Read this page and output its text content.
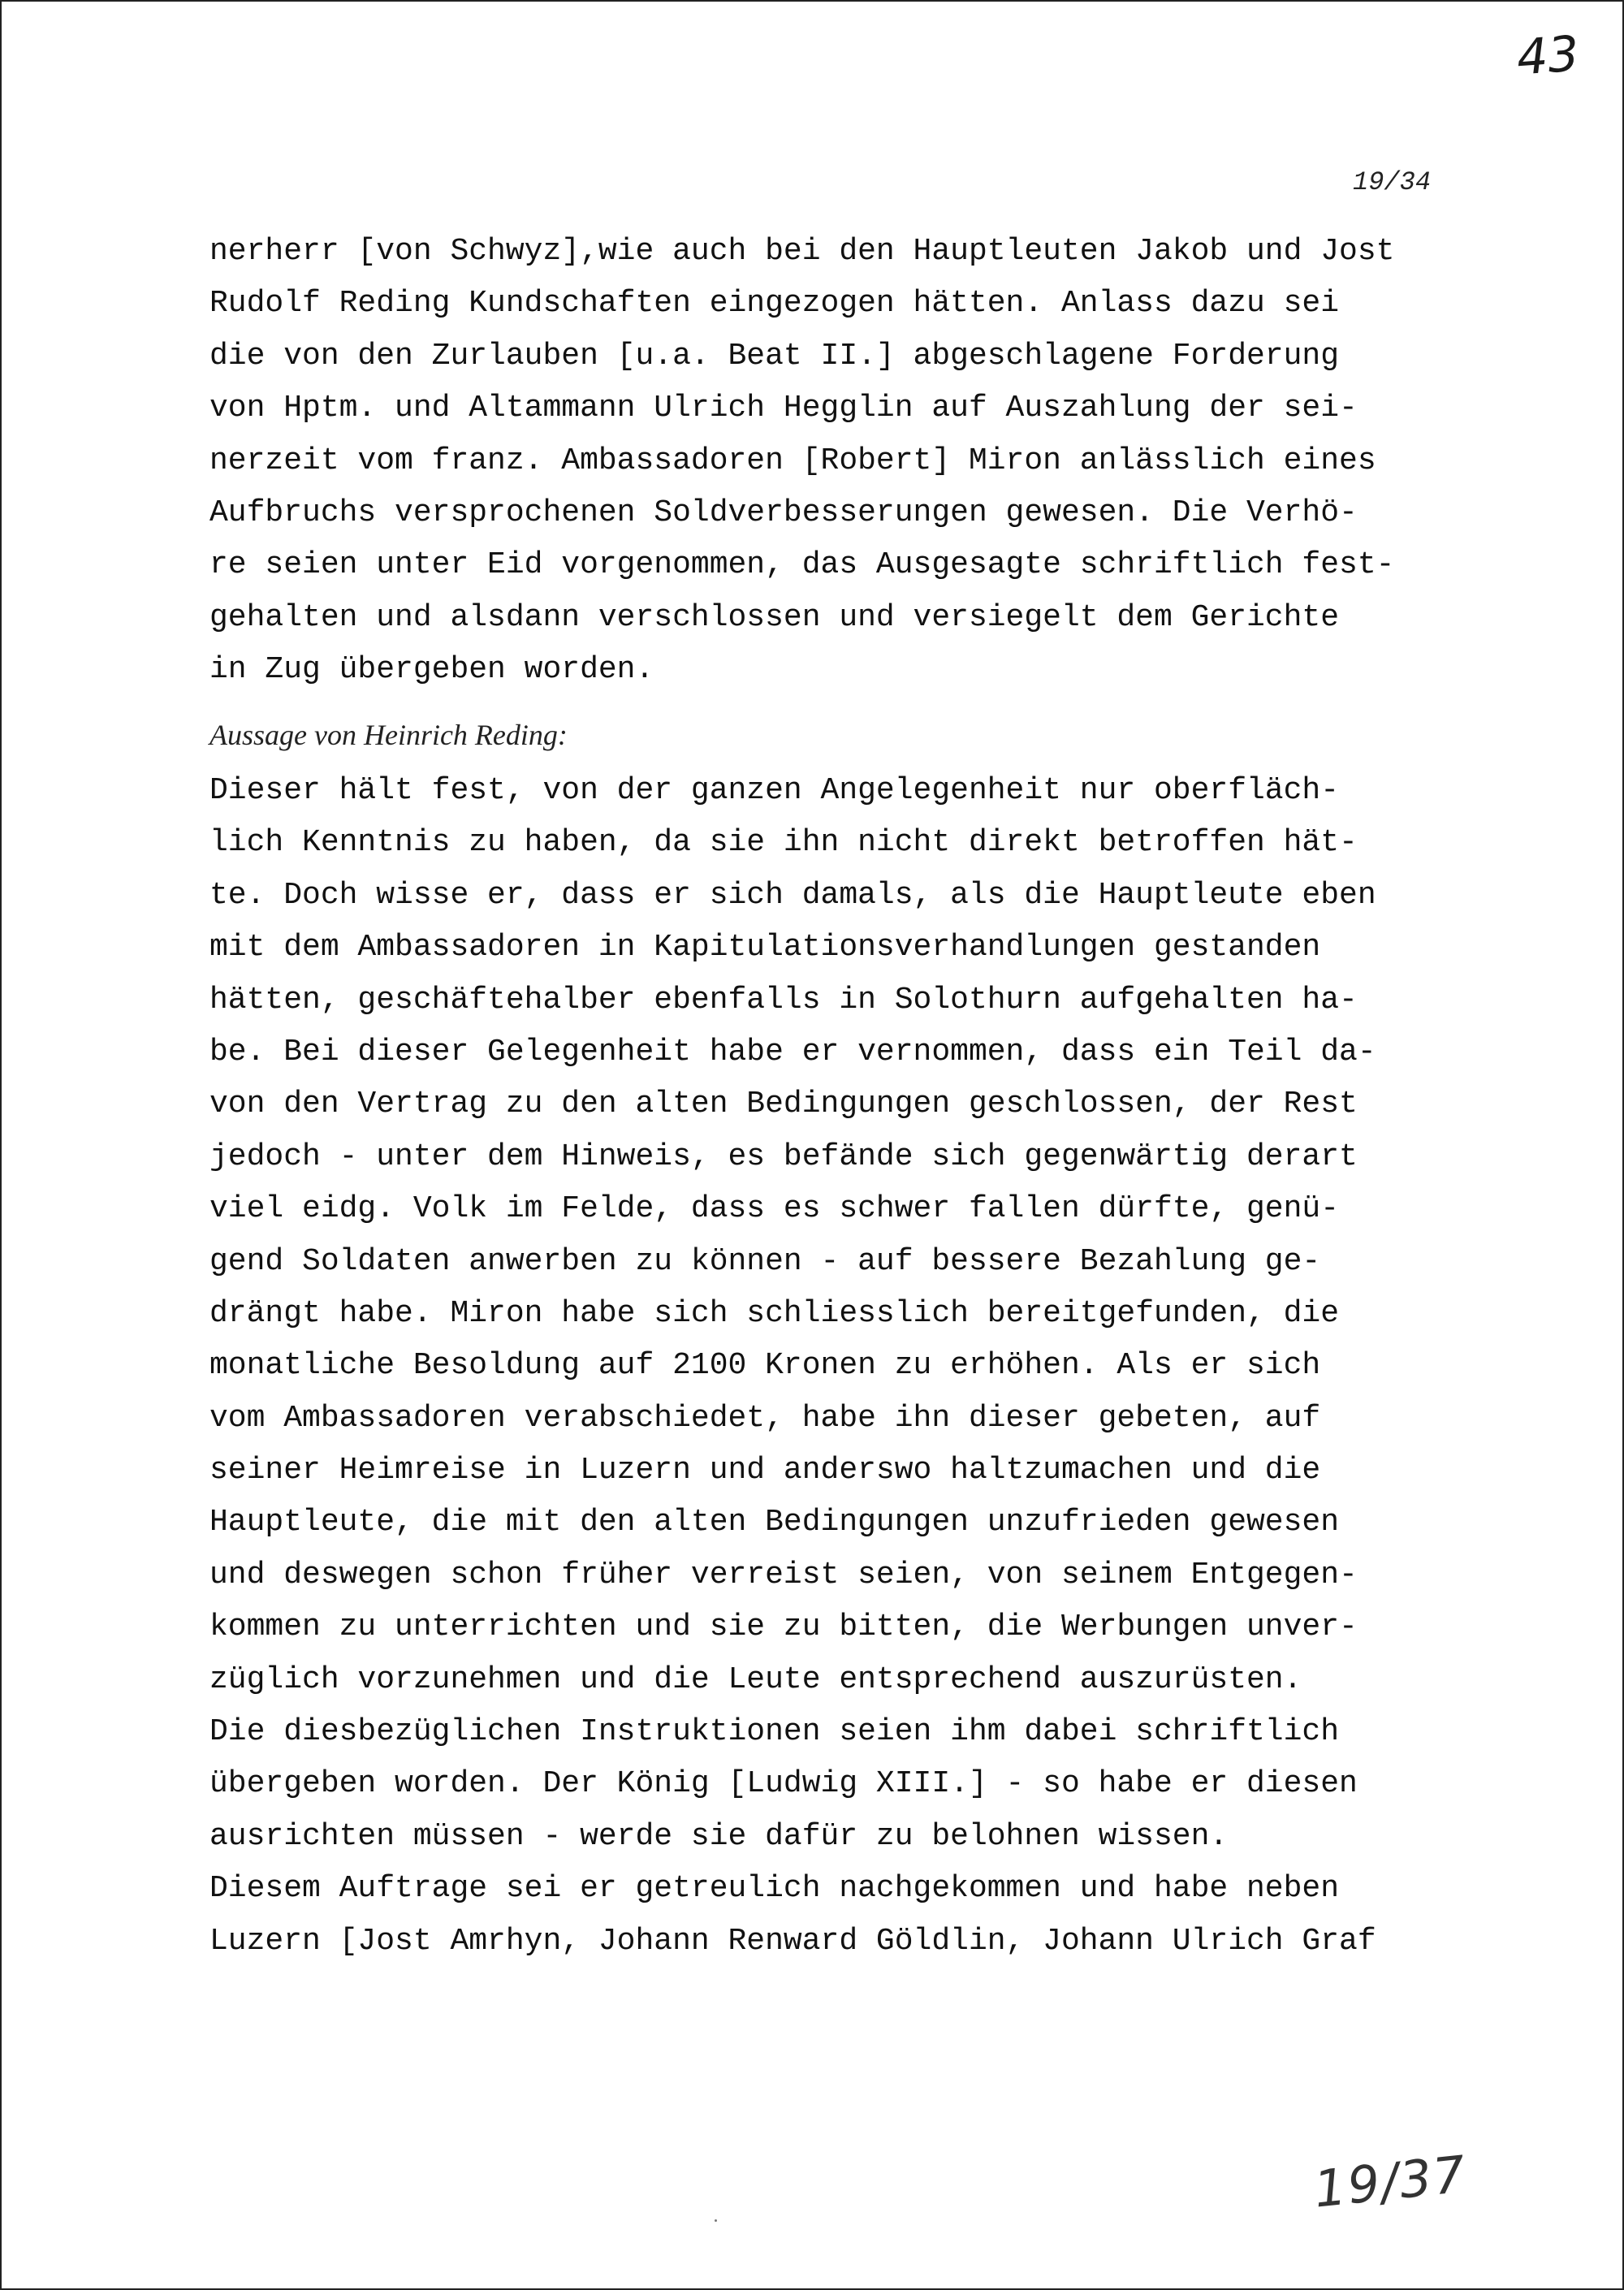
43
19/34
nerherr [von Schwyz],wie auch bei den Hauptleuten Jakob und Jost
Rudolf Reding Kundschaften eingezogen hätten. Anlass dazu sei
die von den Zurlauben [u.a. Beat II.] abgeschlagene Forderung
von Hptm. und Altammann Ulrich Hegglin auf Auszahlung der sei-
nerzeit vom franz. Ambassadoren [Robert] Miron anlässlich eines
Aufbruchs versprochenen Soldverbesserungen gewesen. Die Verhö-
re seien unter Eid vorgenommen, das Ausgesagte schriftlich fest-
gehalten und alsdann verschlossen und versiegelt dem Gerichte
in Zug übergeben worden.
Aussage von Heinrich Reding:
Dieser hält fest, von der ganzen Angelegenheit nur oberfläch-
lich Kenntnis zu haben, da sie ihn nicht direkt betroffen hät-
te. Doch wisse er, dass er sich damals, als die Hauptleute eben
mit dem Ambassadoren in Kapitulationsverhandlungen gestanden
hätten, geschäftehalber ebenfalls in Solothurn aufgehalten ha-
be. Bei dieser Gelegenheit habe er vernommen, dass ein Teil da-
von den Vertrag zu den alten Bedingungen geschlossen, der Rest
jedoch - unter dem Hinweis, es befände sich gegenwärtig derart
viel eidg. Volk im Felde, dass es schwer fallen dürfte, genü-
gend Soldaten anwerben zu können - auf bessere Bezahlung ge-
drängt habe. Miron habe sich schliesslich bereitgefunden, die
monatliche Besoldung auf 2100 Kronen zu erhöhen. Als er sich
vom Ambassadoren verabschiedet, habe ihn dieser gebeten, auf
seiner Heimreise in Luzern und anderswo haltzumachen und die
Hauptleute, die mit den alten Bedingungen unzufrieden gewesen
und deswegen schon früher verreist seien, von seinem Entgegen-
kommen zu unterrichten und sie zu bitten, die Werbungen unver-
züglich vorzunehmen und die Leute entsprechend auszurüsten.
Die diesbezüglichen Instruktionen seien ihm dabei schriftlich
übergeben worden. Der König [Ludwig XIII.] - so habe er diesen
ausrichten müssen - werde sie dafür zu belohnen wissen.
Diesem Auftrage sei er getreulich nachgekommen und habe neben
Luzern [Jost Amrhyn, Johann Renward Göldlin, Johann Ulrich Graf
19/37
